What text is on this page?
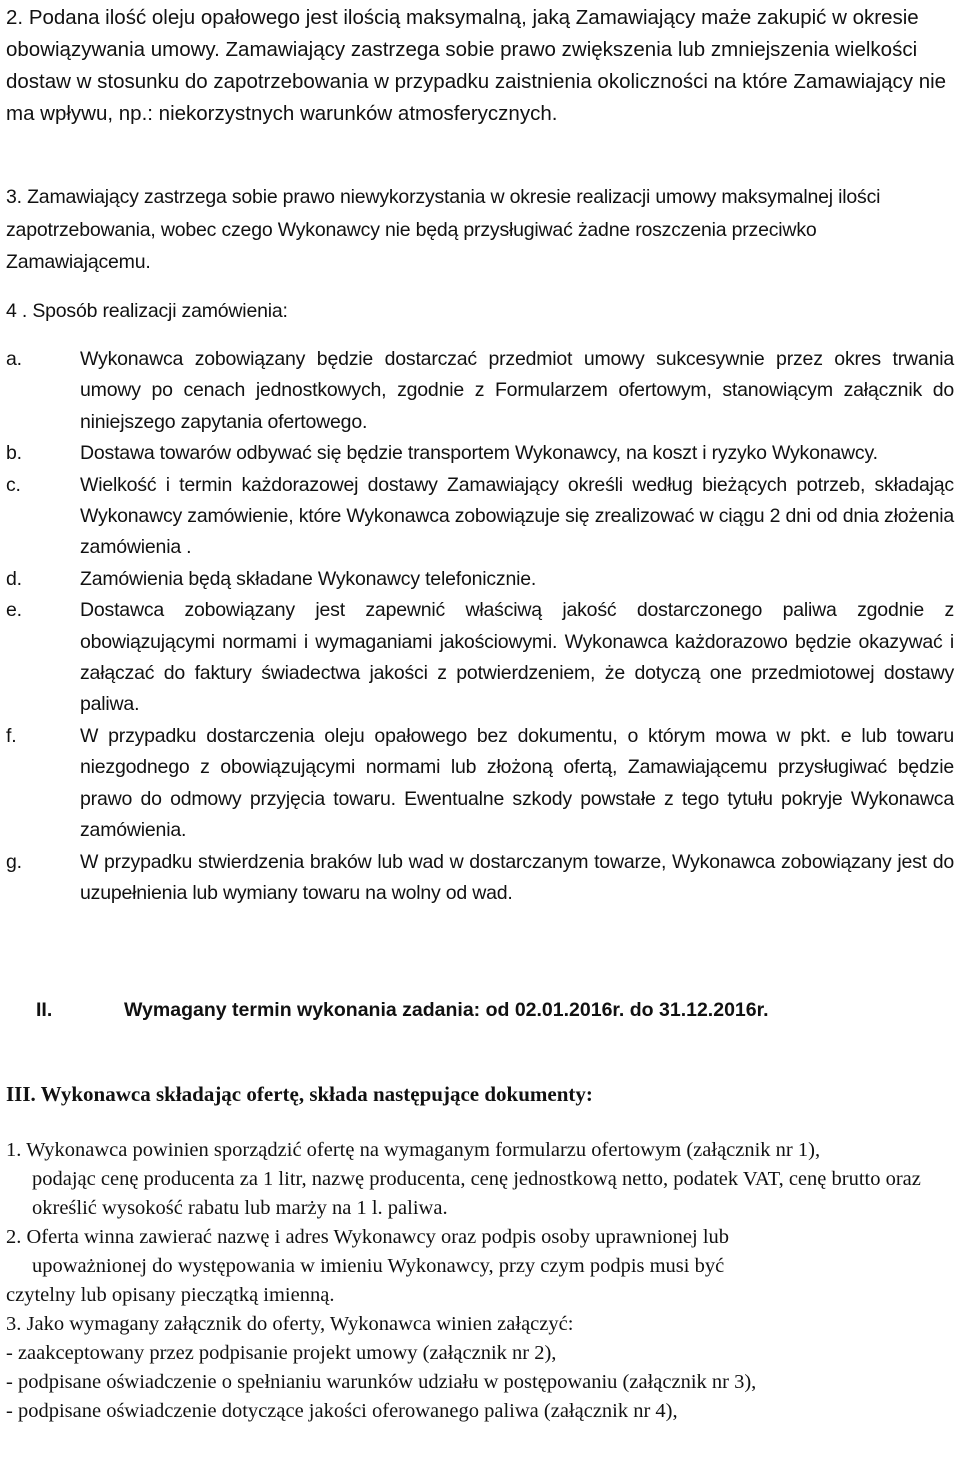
2. Podana ilość oleju opałowego jest ilością maksymalną, jaką Zamawiający maże zakupić w okresie obowiązywania umowy. Zamawiający zastrzega sobie prawo zwiększenia lub zmniejszenia wielkości dostaw w stosunku do zapotrzebowania w przypadku zaistnienia okoliczności na które Zamawiający nie ma wpływu, np.: niekorzystnych warunków atmosferycznych.
3. Zamawiający zastrzega sobie prawo niewykorzystania w okresie realizacji umowy maksymalnej ilości zapotrzebowania, wobec czego Wykonawcy nie będą przysługiwać żadne roszczenia przeciwko Zamawiającemu.
4 . Sposób realizacji zamówienia:
a.	Wykonawca zobowiązany będzie dostarczać przedmiot umowy sukcesywnie przez okres trwania umowy po cenach jednostkowych, zgodnie z Formularzem ofertowym, stanowiącym załącznik do niniejszego zapytania ofertowego.
b.	Dostawa towarów odbywać się będzie transportem Wykonawcy, na koszt i ryzyko Wykonawcy.
c.	Wielkość i termin każdorazowej dostawy Zamawiający określi według bieżących potrzeb, składając Wykonawcy zamówienie, które Wykonawca zobowiązuje się zrealizować w ciągu 2 dni od dnia złożenia zamówienia .
d.	Zamówienia będą składane Wykonawcy telefonicznie.
e.	Dostawca zobowiązany jest zapewnić właściwą jakość dostarczonego paliwa zgodnie z obowiązującymi normami i wymaganiami jakościowymi. Wykonawca każdorazowo będzie okazywać i załączać do faktury świadectwa jakości z potwierdzeniem, że dotyczą one przedmiotowej dostawy paliwa.
f.	W przypadku dostarczenia oleju opałowego bez dokumentu, o którym mowa w pkt. e lub towaru niezgodnego z obowiązującymi normami lub złożoną ofertą, Zamawiającemu przysługiwać będzie prawo do odmowy przyjęcia towaru. Ewentualne szkody powstałe z tego tytułu pokryje Wykonawca zamówienia.
g.	W przypadku stwierdzenia braków lub wad w dostarczanym towarze, Wykonawca zobowiązany jest do uzupełnienia lub wymiany towaru na wolny od wad.
II.	Wymagany termin wykonania zadania: od 02.01.2016r. do 31.12.2016r.
III. Wykonawca składając ofertę, składa następujące dokumenty:
1. Wykonawca powinien sporządzić ofertę na wymaganym formularzu ofertowym (załącznik nr 1),
podając cenę producenta za 1 litr, nazwę producenta, cenę jednostkową netto, podatek VAT, cenę brutto oraz określić wysokość rabatu lub marży na 1 l. paliwa.
2. Oferta winna zawierać nazwę i adres Wykonawcy oraz podpis osoby uprawnionej lub
upoważnionej do występowania w imieniu Wykonawcy, przy czym podpis musi być
czytelny lub opisany pieczątką imienną.
3. Jako wymagany załącznik do oferty, Wykonawca winien załączyć:
- zaakceptowany przez podpisanie projekt umowy (załącznik nr 2),
- podpisane oświadczenie o spełnianiu warunków udziału w postępowaniu (załącznik nr 3),
- podpisane oświadczenie dotyczące jakości oferowanego paliwa (załącznik nr 4),
